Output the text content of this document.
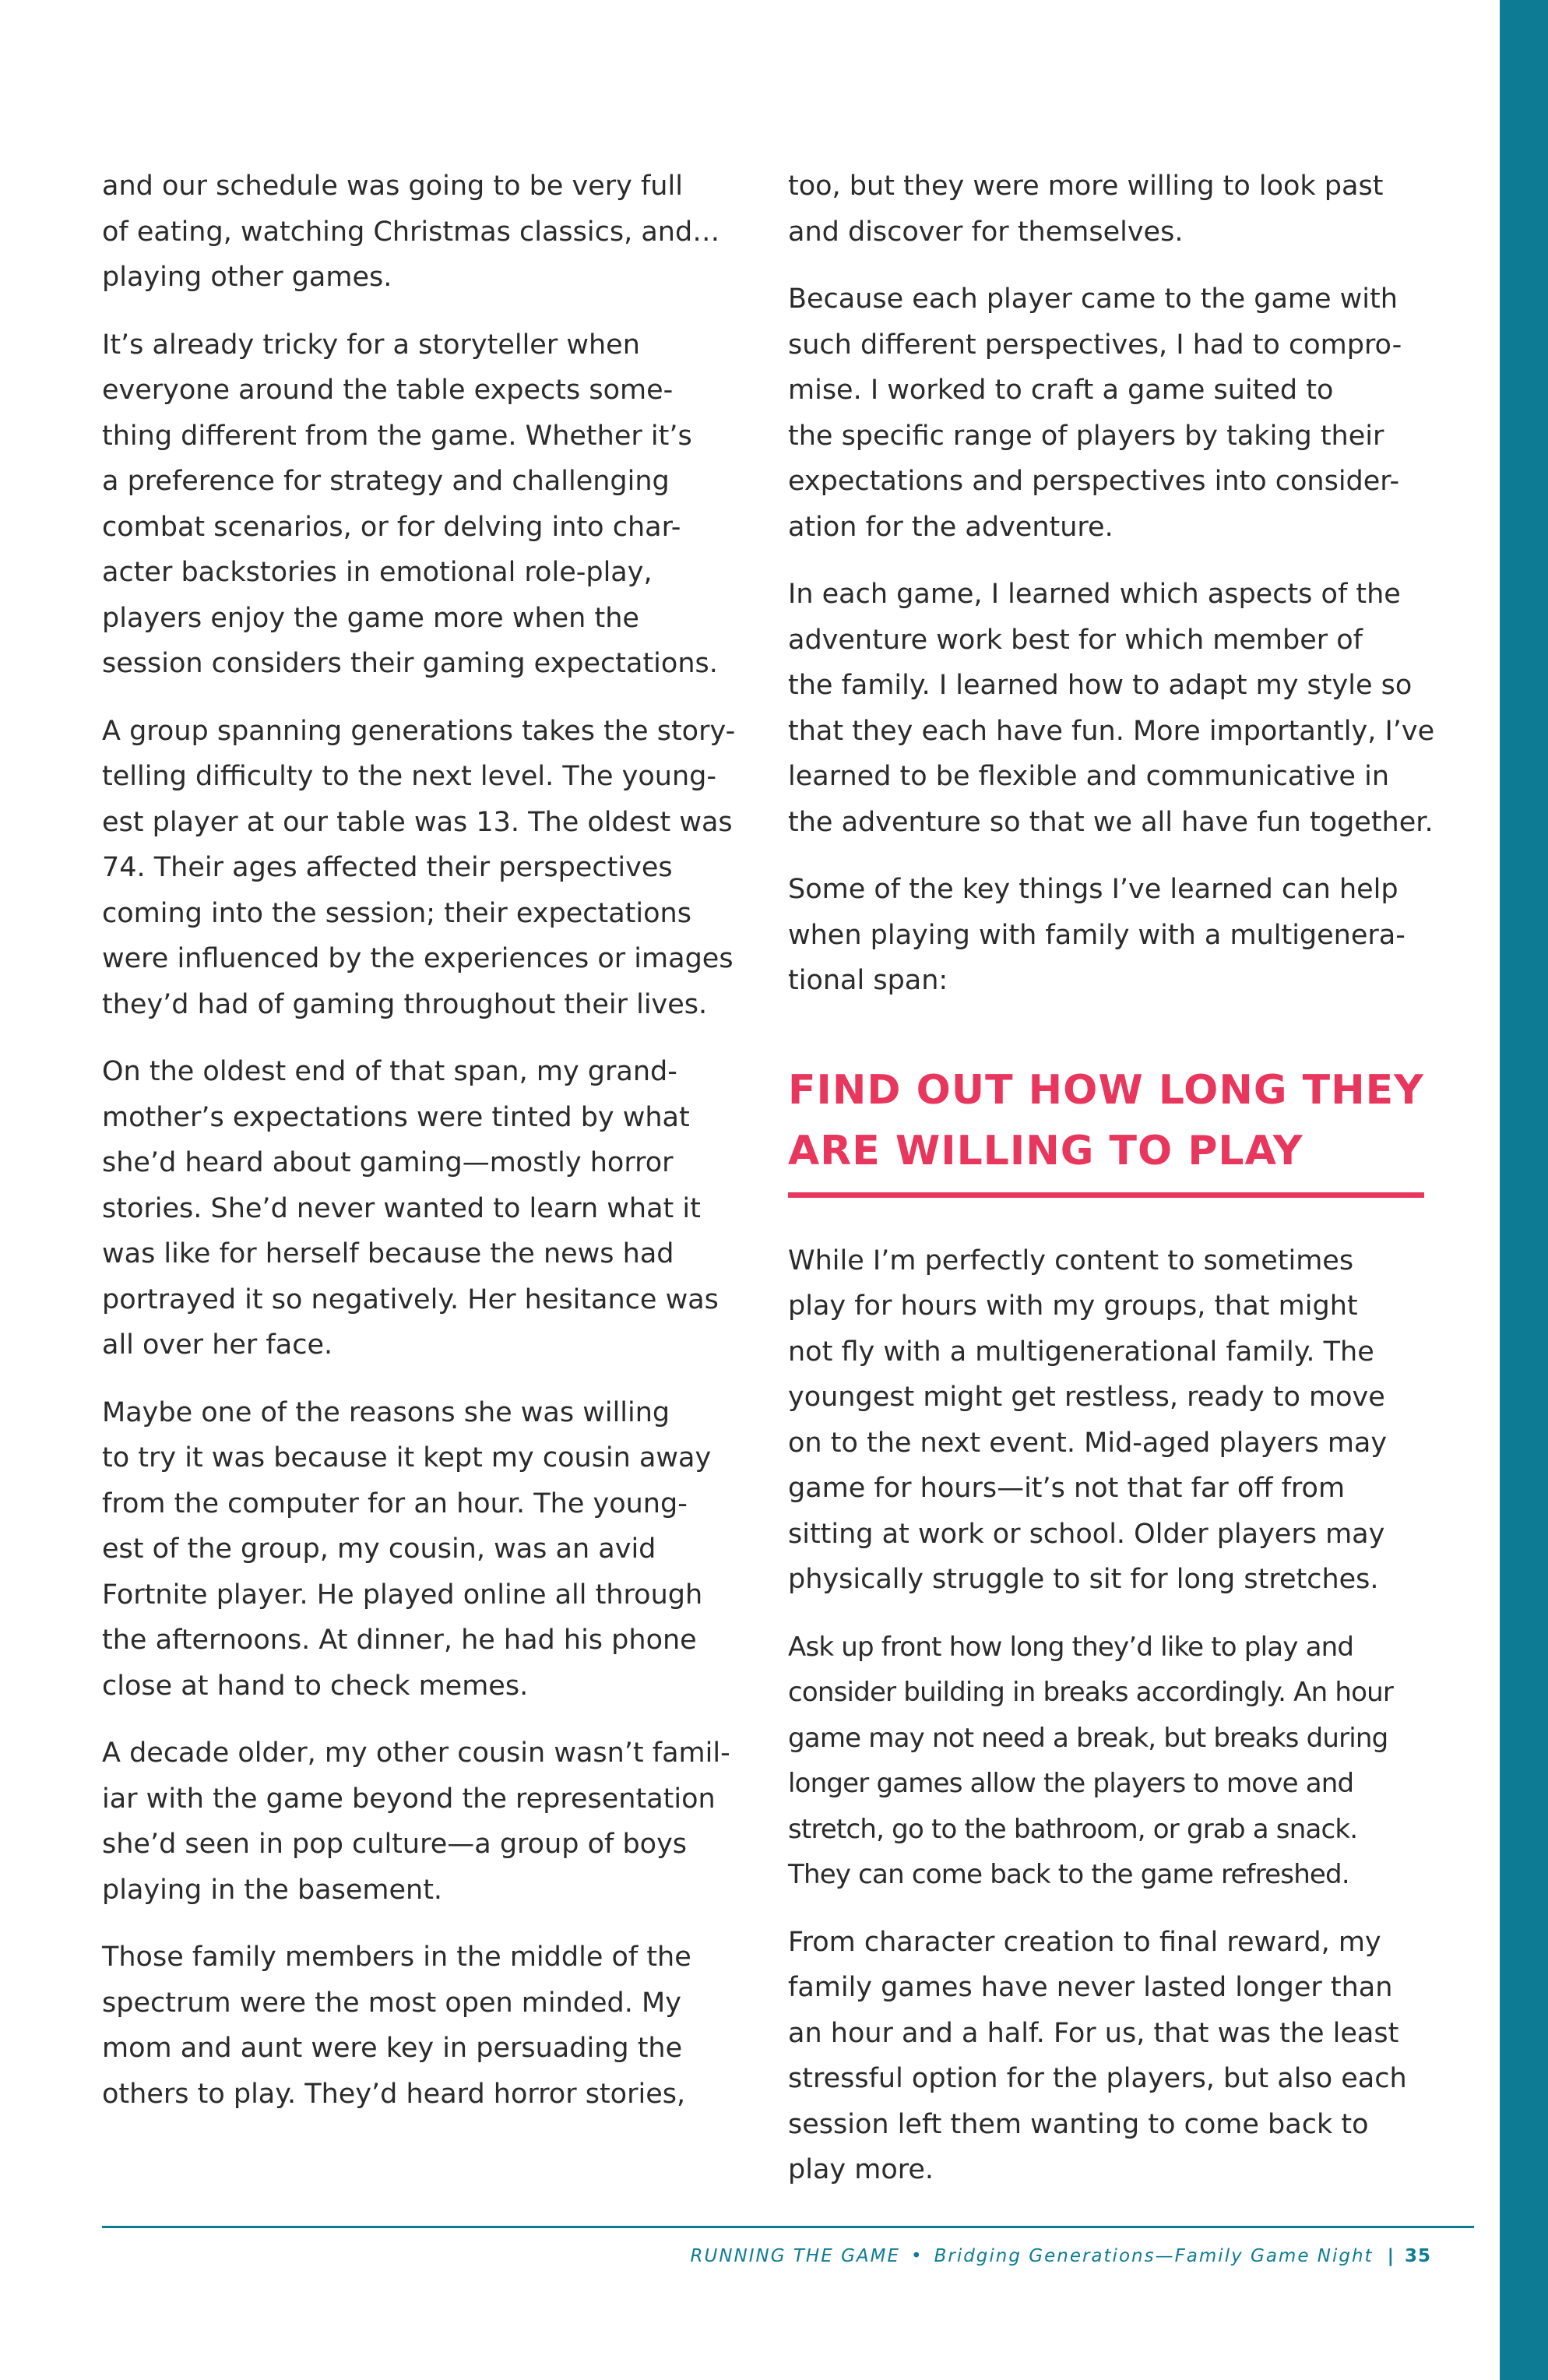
and our schedule was going to be very full
of eating, watching Christmas classics, and…
playing other games.

It’s already tricky for a storyteller when
everyone around the table expects some-
thing different from the game. Whether it’s
a preference for strategy and challenging
combat scenarios, or for delving into char-
acter backstories in emotional role-play,
players enjoy the game more when the
session considers their gaming expectations.

A group spanning generations takes the story-
telling difficulty to the next level. The young-
est player at our table was 13. The oldest was
74. Their ages affected their perspectives
coming into the session; their expectations
were influenced by the experiences or images
they’d had of gaming throughout their lives.

On the oldest end of that span, my grand-
mother’s expectations were tinted by what
she’d heard about gaming—mostly horror
stories. She’d never wanted to learn what it
was like for herself because the news had
portrayed it so negatively. Her hesitance was
all over her face.

Maybe one of the reasons she was willing
to try it was because it kept my cousin away
from the computer for an hour. The young-
est of the group, my cousin, was an avid
Fortnite player. He played online all through
the afternoons. At dinner, he had his phone
close at hand to check memes.

A decade older, my other cousin wasn’t famil-
iar with the game beyond the representation
she’d seen in pop culture—a group of boys
playing in the basement.

Those family members in the middle of the
spectrum were the most open minded. My
mom and aunt were key in persuading the
others to play. They’d heard horror stories,

too, but they were more willing to look past
and discover for themselves.

Because each player came to the game with
such different perspectives, I had to compro-
mise. I worked to craft a game suited to
the specific range of players by taking their
expectations and perspectives into consider-
ation for the adventure.

In each game, I learned which aspects of the
adventure work best for which member of
the family. I learned how to adapt my style so
that they each have fun. More importantly, I’ve
learned to be flexible and communicative in
the adventure so that we all have fun together.

Some of the key things I’ve learned can help
when playing with family with a multigenera-
tional span:

FIND OUT HOW LONG THEY
ARE WILLING TO PLAY

While I’m perfectly content to sometimes
play for hours with my groups, that might
not fly with a multigenerational family. The
youngest might get restless, ready to move
on to the next event. Mid-aged players may
game for hours—it’s not that far off from
sitting at work or school. Older players may
physically struggle to sit for long stretches.

Ask up front how long they’d like to play and
consider building in breaks accordingly. An hour
game may not need a break, but breaks during
longer games allow the players to move and
stretch, go to the bathroom, or grab a snack.
They can come back to the game refreshed.

From character creation to final reward, my
family games have never lasted longer than
an hour and a half. For us, that was the least
stressful option for the players, but also each
session left them wanting to come back to
play more.

RUNNING THE GAME • Bridging Generations—Family Game Night | 35
